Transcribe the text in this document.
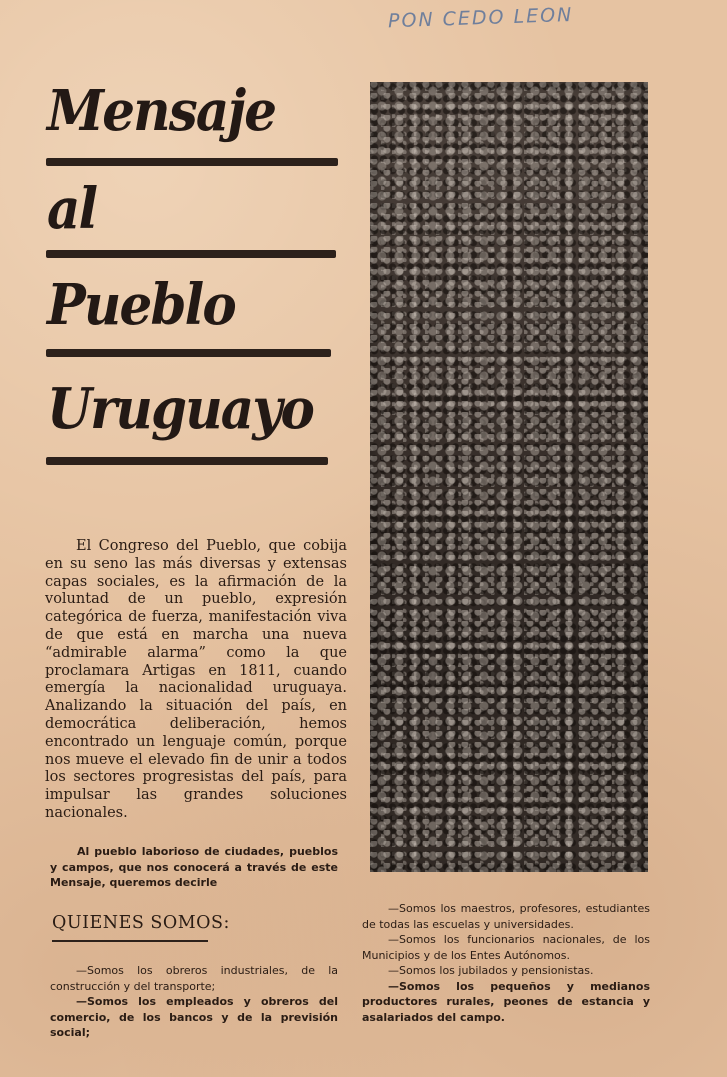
PON CEDO LEON
Mensaje
al
Pueblo
Uruguayo

El Congreso del Pueblo, que cobija en su seno las más diversas y extensas capas sociales, es la afirmación de la voluntad de un pueblo, expresión categórica de fuerza, manifestación viva de que está en marcha una nueva “admirable alarma” como la que proclamara Artigas en 1811, cuando emergía la nacionalidad uruguaya. Analizando la situación del país, en democrática deliberación, hemos encontrado un lenguaje común, porque nos mueve el elevado fin de unir a todos los sectores progresistas del país, para impulsar las grandes soluciones nacionales.

Al pueblo laborioso de ciudades, pueblos y campos, que nos conocerá a través de este Mensaje, queremos decirle

QUIENES SOMOS:

—Somos los obreros industriales, de la construcción y del transporte;

—Somos los empleados y obreros del comercio, de los bancos y de la previsión social;

—Somos los maestros, profesores, estudiantes de todas las escuelas y universidades.

—Somos los funcionarios nacionales, de los Municipios y de los Entes Autónomos.

—Somos los jubilados y pensionistas.

—Somos los pequeños y medianos productores rurales, peones de estancia y asalariados del campo.
